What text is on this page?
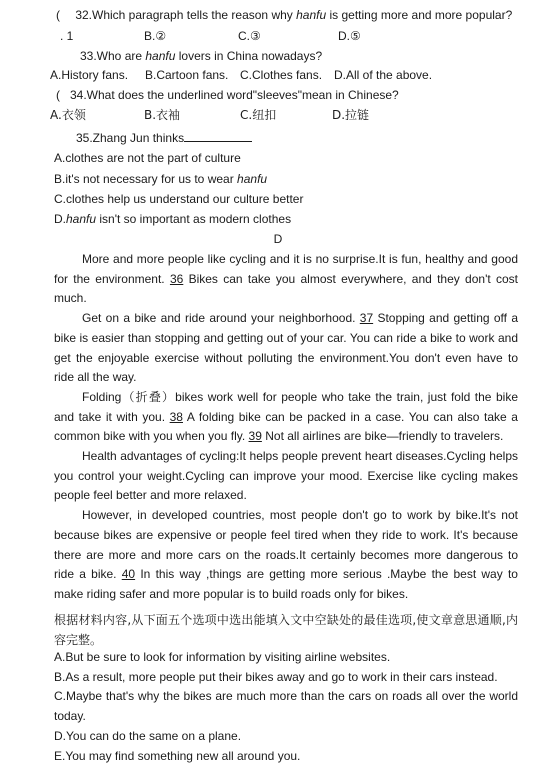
(  32.Which paragraph tells the reason why hanfu is getting more and more popular?
. 1	B.②	C.③	D.⑤
33.Who are hanfu lovers in China nowadays?
A.History fans. B.Cartoon fans. C.Clothes fans. D.All of the above.
(   34.What does the underlined word"sleeves"mean in Chinese?
A.衣领	B.衣袖	C.纽扣	D.拉链
35.Zhang Jun thinks
A.clothes are not the part of culture
B.it's not necessary for us to wear hanfu
C.clothes help us understand our culture better
D.hanfu isn't so important as modern clothes
D

More and more people like cycling and it is no surprise.It is fun, healthy and good for the environment. 36 Bikes can take you almost everywhere, and they don't cost much.

Get on a bike and ride around your neighborhood. 37 Stopping and getting off a bike is easier than stopping and getting out of your car. You can ride a bike to work and get the enjoyable exercise without polluting the environment.You don't even have to ride all the way.

Folding（折叠）bikes work well for people who take the train, just fold the bike and take it with you. 38 A folding bike can be packed in a case. You can also take a common bike with you when you fly. 39 Not all airlines are bike—friendly to travelers.

Health advantages of cycling:It helps people prevent heart diseases.Cycling helps you control your weight.Cycling can improve your mood. Exercise like cycling makes people feel better and more relaxed.

However, in developed countries, most people don't go to work by bike.It's not because bikes are expensive or people feel tired when they ride to work. It's because there are more and more cars on the roads.It certainly becomes more dangerous to ride a bike. 40 In this way ,things are getting more serious .Maybe the best way to make riding safer and more popular is to build roads only for bikes.

根据材料内容,从下面五个选项中选出能填入文中空缺处的最佳选项,使文章意思通顺,内容完整。

A.But be sure to look for information by visiting airline websites.

B.As a result, more people put their bikes away and go to work in their cars instead.

C.Maybe that's why the bikes are much more than the cars on roads all over the world today.

D.You can do the same on a plane.

E.You may find something new all around you.
